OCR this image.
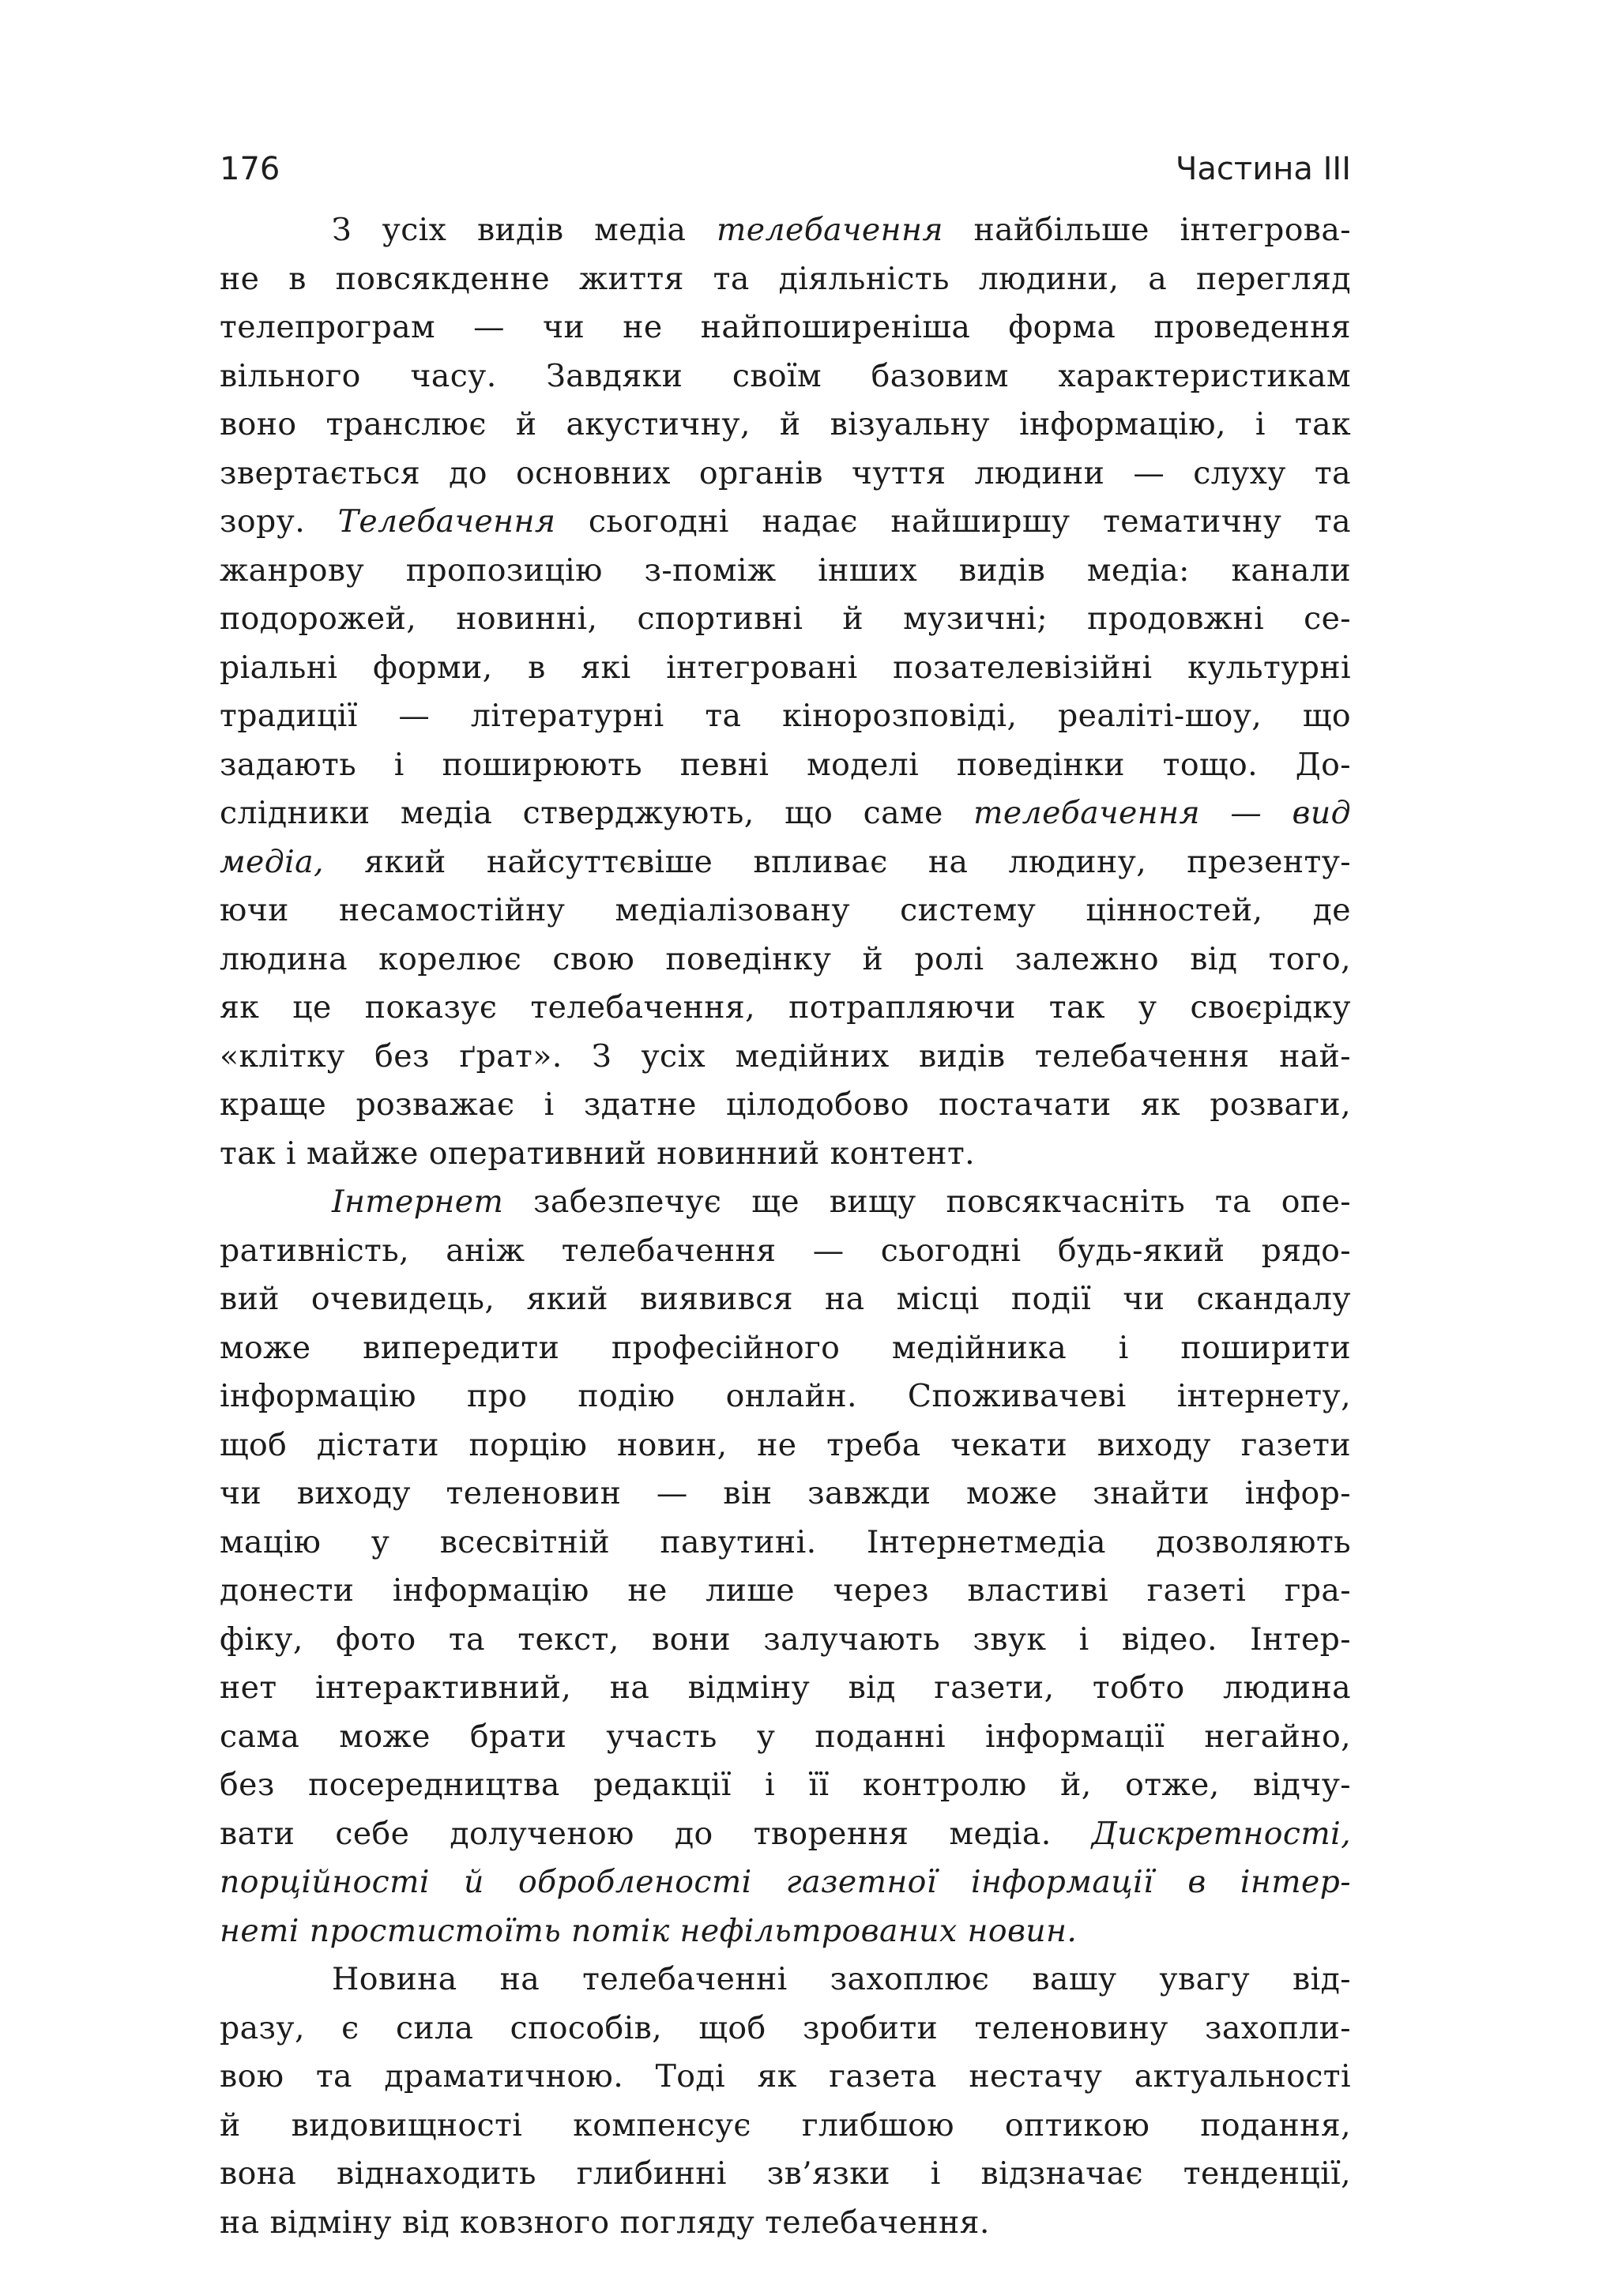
176	Частина III

З усіх видів медіа телебачення найбільше інтегрова-
не в повсякденне життя та діяльність людини, а перегляд
телепрограм — чи не найпоширеніша форма проведення
вільного часу. Завдяки своїм базовим характеристикам
воно транслює й акустичну, й візуальну інформацію, і так
звертається до основних органів чуття людини — слуху та
зору. Телебачення сьогодні надає найширшу тематичну та
жанрову пропозицію з-поміж інших видів медіа: канали
подорожей, новинні, спортивні й музичні; продовжні се-
ріальні форми, в які інтегровані позателевізійні культурні
традиції — літературні та кінорозповіді, реаліті-шоу, що
задають і поширюють певні моделі поведінки тощо. До-
слідники медіа стверджують, що саме телебачення — вид
медіа, який найсуттєвіше впливає на людину, презенту-
ючи несамостійну медіалізовану систему цінностей, де
людина корелює свою поведінку й ролі залежно від того,
як це показує телебачення, потрапляючи так у своєрідку
«клітку без ґрат». З усіх медійних видів телебачення най-
краще розважає і здатне цілодобово постачати як розваги,
так і майже оперативний новинний контент.

Інтернет забезпечує ще вищу повсякчасніть та опе-
ративність, аніж телебачення — сьогодні будь-який рядо-
вий очевидець, який виявився на місці події чи скандалу
може випередити професійного медійника і поширити
інформацію про подію онлайн. Споживачеві інтернету,
щоб дістати порцію новин, не треба чекати виходу газети
чи виходу теленовин — він завжди може знайти інфор-
мацію у всесвітній павутині. Інтернетмедіа дозволяють
донести інформацію не лише через властиві газеті гра-
фіку, фото та текст, вони залучають звук і відео. Інтер-
нет інтерактивний, на відміну від газети, тобто людина
сама може брати участь у поданні інформації негайно,
без посередництва редакції і її контролю й, отже, відчу-
вати себе долученою до творення медіа. Дискретності,
порційності й обробленості газетної інформації в інтер-
неті простистоїть потік нефільтрованих новин.

Новина на телебаченні захоплює вашу увагу від-
разу, є сила способів, щоб зробити теленовину захопли-
вою та драматичною. Тоді як газета нестачу актуальності
й видовищності компенсує глибшою оптикою подання,
вона віднаходить глибинні зв’язки і відзначає тенденції,
на відміну від ковзного погляду телебачення.
